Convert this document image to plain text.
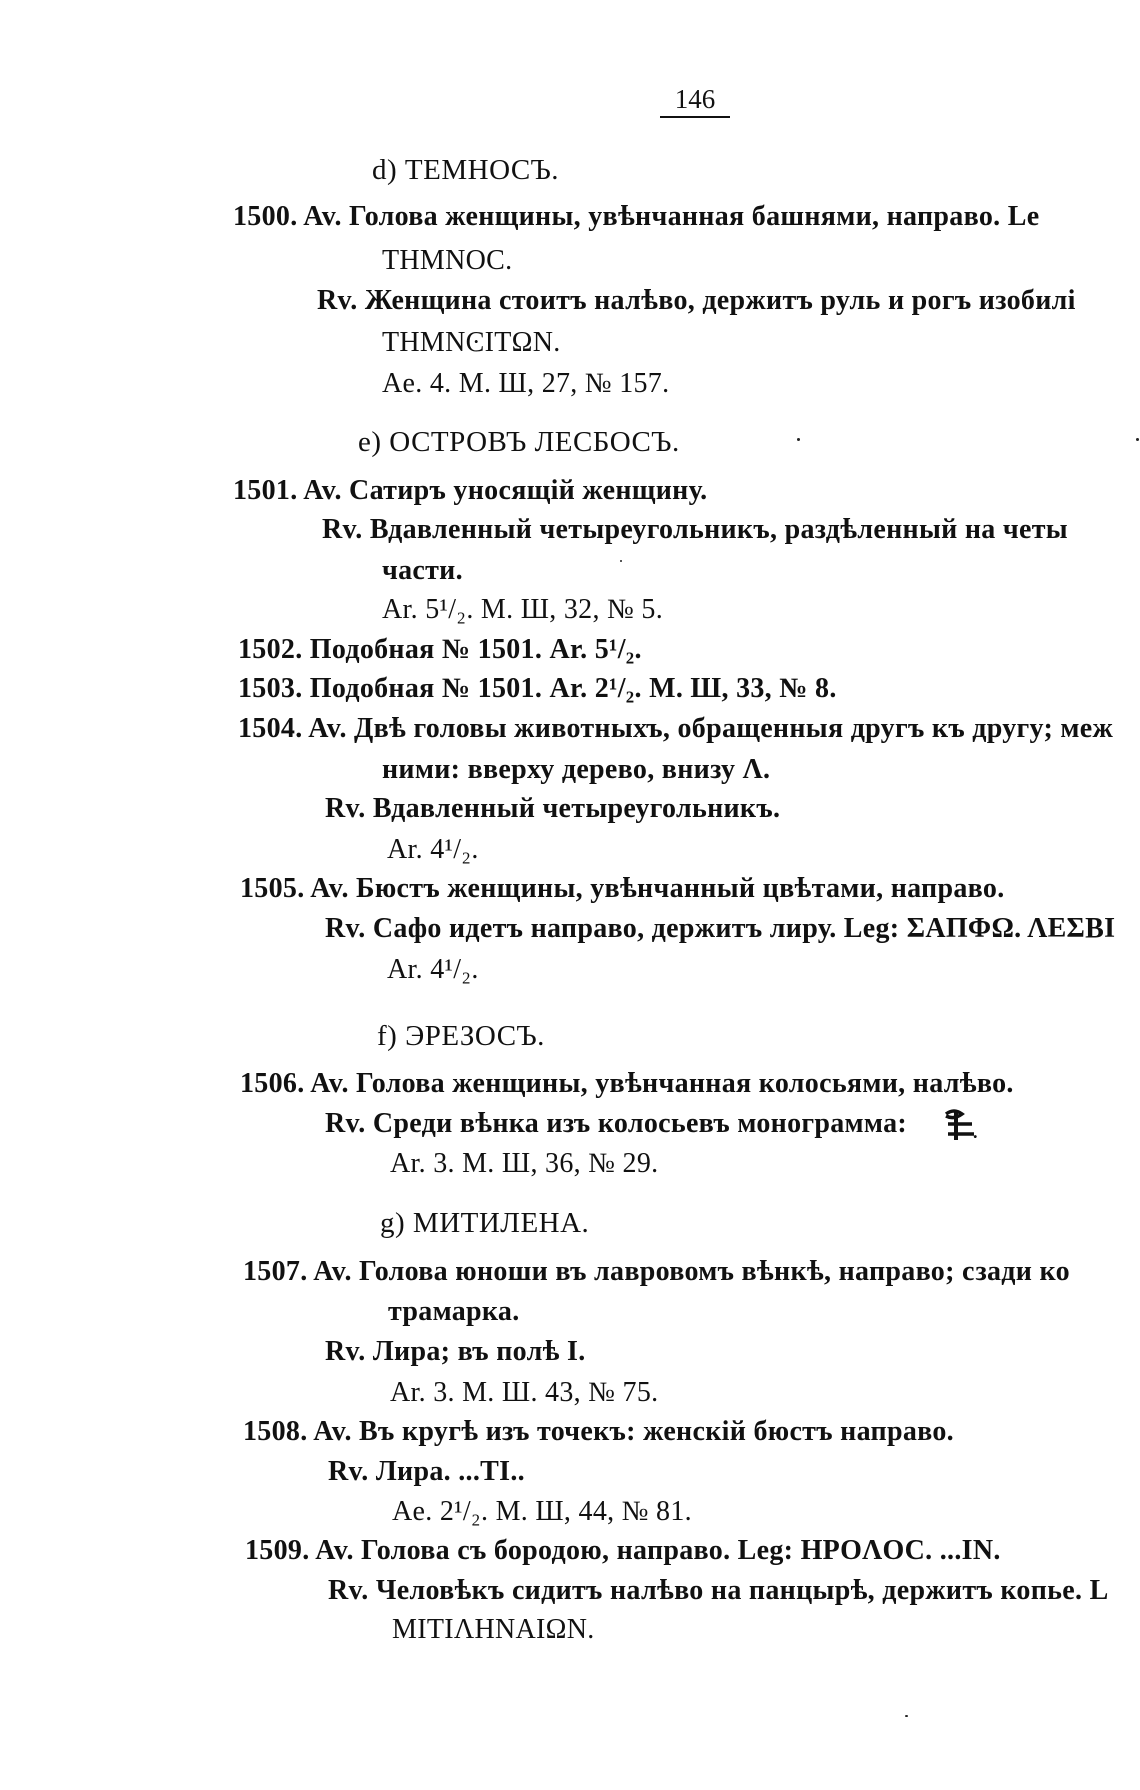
146
d) ТЕМНОСЪ.
1500. Av. Голова женщины, увѣнчанная башнями, направо. Le
THMNOC.
Rv. Женщина стоитъ налѣво, держитъ руль и рогъ изобилі
THMNϾITΩN.
Ae. 4. M. Ш, 27, № 157.
e) ОСТРОВЪ ЛЕСБОСЪ.
1501. Av. Сатиръ уносящій женщину.
Rv. Вдавленный четыреугольникъ, раздѣленный на четы
части.
Ar. 5¹/₂. M. Ш, 32, № 5.
1502. Подобная № 1501. Ar. 5¹/₂.
1503. Подобная № 1501. Ar. 2¹/₂. M. Ш, 33, № 8.
1504. Av. Двѣ головы животныхъ, обращенныя другъ къ другу; меж
ними: вверху дерево, внизу Λ.
Rv. Вдавленный четыреугольникъ.
Ar. 4¹/₂.
1505. Av. Бюстъ женщины, увѣнчанный цвѣтами, направо.
Rv. Сафо идетъ направо, держитъ лиру. Leg: ΣΑΠΦΩ. ΛΕΣΒΙ
Ar. 4¹/₂.
f) ЭРЕЗОСЪ.
1506. Av. Голова женщины, увѣнчанная колосьями, налѣво.
Rv. Среди вѣнка изъ колосьевъ монограмма:
Ar. 3. M. Ш, 36, № 29.
g) МИТИЛЕНА.
1507. Av. Голова юноши въ лавровомъ вѣнкѣ, направо; сзади ко
трамарка.
Rv. Лира; въ полѣ I.
Ar. 3. M. Ш. 43, № 75.
1508. Av. Въ кругѣ изъ точекъ: женскій бюстъ направо.
Rv. Лира. ...TI..
Ae. 2¹/₂. M. Ш, 44, № 81.
1509. Av. Голова съ бородою, направо. Leg: HPOΛOC. ...IN.
Rv. Человѣкъ сидитъ налѣво на панцырѣ, держитъ копье. L
MITIΛHNAIΩN.
.
